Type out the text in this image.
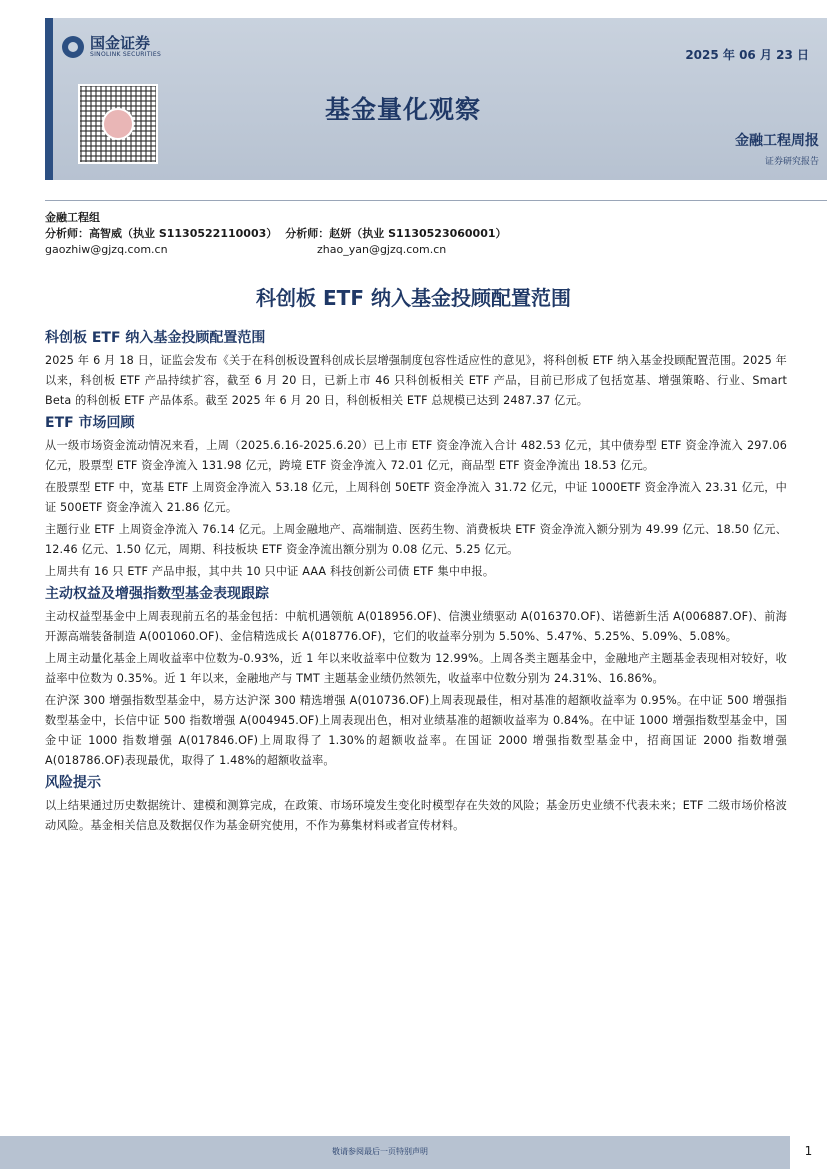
国金证券
SINOLINK SECURITIES	2025 年 06 月 23 日
基金量化观察
金融工程周报
证券研究报告
金融工程组
分析师：高智威（执业 S1130522110003） 分析师：赵妍（执业 S1130523060001）
gaozhiw@gjzq.com.cn	zhao_yan@gjzq.com.cn
科创板 ETF 纳入基金投顾配置范围
科创板 ETF 纳入基金投顾配置范围

2025 年 6 月 18 日，证监会发布《关于在科创板设置科创成长层增强制度包容性适应性的意见》，将科创板 ETF 纳入基金投顾配置范围。2025 年以来，科创板 ETF 产品持续扩容，截至 6 月 20 日，已新上市 46 只科创板相关 ETF 产品，目前已形成了包括宽基、增强策略、行业、Smart Beta 的科创板 ETF 产品体系。截至 2025 年 6 月 20 日，科创板相关 ETF 总规模已达到 2487.37 亿元。

ETF 市场回顾

从一级市场资金流动情况来看，上周（2025.6.16-2025.6.20）已上市 ETF 资金净流入合计 482.53 亿元，其中债券型 ETF 资金净流入 297.06 亿元，股票型 ETF 资金净流入 131.98 亿元，跨境 ETF 资金净流入 72.01 亿元，商品型 ETF 资金净流出 18.53 亿元。

在股票型 ETF 中，宽基 ETF 上周资金净流入 53.18 亿元，上周科创 50ETF 资金净流入 31.72 亿元，中证 1000ETF 资金净流入 23.31 亿元，中证 500ETF 资金净流入 21.86 亿元。

主题行业 ETF 上周资金净流入 76.14 亿元。上周金融地产、高端制造、医药生物、消费板块 ETF 资金净流入额分别为 49.99 亿元、18.50 亿元、12.46 亿元、1.50 亿元，周期、科技板块 ETF 资金净流出额分别为 0.08 亿元、5.25 亿元。

上周共有 16 只 ETF 产品申报，其中共 10 只中证 AAA 科技创新公司债 ETF 集中申报。

主动权益及增强指数型基金表现跟踪

主动权益型基金中上周表现前五名的基金包括：中航机遇领航 A(018956.OF)、信澳业绩驱动 A(016370.OF)、诺德新生活 A(006887.OF)、前海开源高端装备制造 A(001060.OF)、金信精选成长 A(018776.OF)，它们的收益率分别为 5.50%、5.47%、5.25%、5.09%、5.08%。

上周主动量化基金上周收益率中位数为-0.93%，近 1 年以来收益率中位数为 12.99%。上周各类主题基金中，金融地产主题基金表现相对较好，收益率中位数为 0.35%。近 1 年以来，金融地产与 TMT 主题基金业绩仍然领先，收益率中位数分别为 24.31%、16.86%。

在沪深 300 增强指数型基金中，易方达沪深 300 精选增强 A(010736.OF)上周表现最佳，相对基准的超额收益率为 0.95%。在中证 500 增强指数型基金中，长信中证 500 指数增强 A(004945.OF)上周表现出色，相对业绩基准的超额收益率为 0.84%。在中证 1000 增强指数型基金中，国金中证 1000 指数增强 A(017846.OF)上周取得了 1.30%的超额收益率。在国证 2000 增强指数型基金中，招商国证 2000 指数增强 A(018786.OF)表现最优，取得了 1.48%的超额收益率。

风险提示

以上结果通过历史数据统计、建模和测算完成，在政策、市场环境发生变化时模型存在失效的风险；基金历史业绩不代表未来；ETF 二级市场价格波动风险。基金相关信息及数据仅作为基金研究使用，不作为募集材料或者宣传材料。

敬请参阅最后一页特别声明	1
